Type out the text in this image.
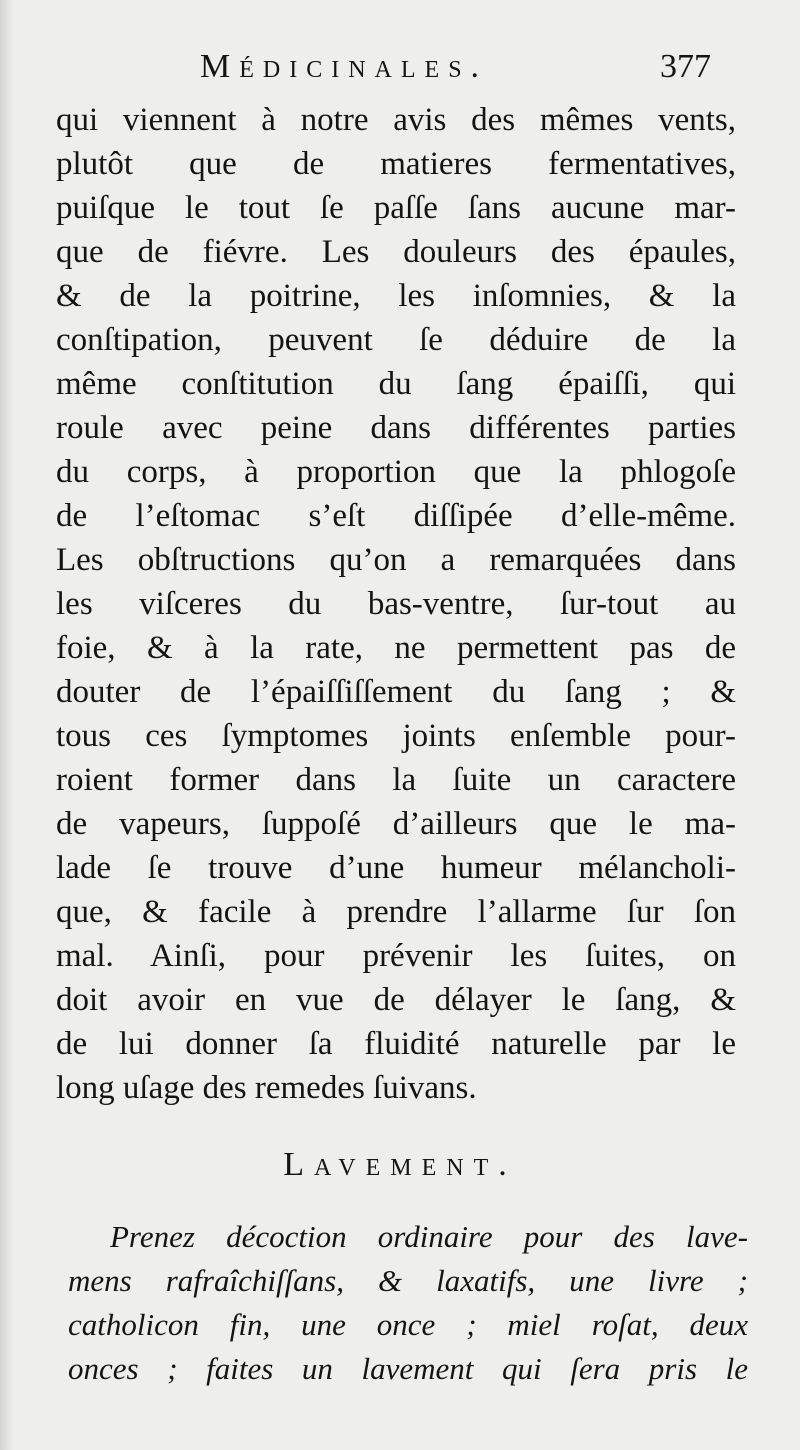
Médicinales.	377
qui viennent à notre avis des mêmes vents,
plutôt que de matieres fermentatives,
puiſque le tout ſe paſſe ſans aucune mar-
que de fiévre. Les douleurs des épaules,
& de la poitrine, les inſomnies, & la
conſtipation, peuvent ſe déduire de la
même conſtitution du ſang épaiſſi, qui
roule avec peine dans différentes parties
du corps, à proportion que la phlogoſe
de l’eſtomac s’eſt diſſipée d’elle-même.
Les obſtructions qu’on a remarquées dans
les viſceres du bas-ventre, ſur-tout au
foie, & à la rate, ne permettent pas de
douter de l’épaiſſiſſement du ſang ; &
tous ces ſymptomes joints enſemble pour-
roient former dans la ſuite un caractere
de vapeurs, ſuppoſé d’ailleurs que le ma-
lade ſe trouve d’une humeur mélancholi-
que, & facile à prendre l’allarme ſur ſon
mal. Ainſi, pour prévenir les ſuites, on
doit avoir en vue de délayer le ſang, &
de lui donner ſa fluidité naturelle par le
long uſage des remedes ſuivans.
Lavement.
Prenez décoction ordinaire pour des lave-
mens rafraîchiſſans, & laxatifs, une livre ;
catholicon fin, une once ; miel roſat, deux
onces ; faites un lavement qui ſera pris le
